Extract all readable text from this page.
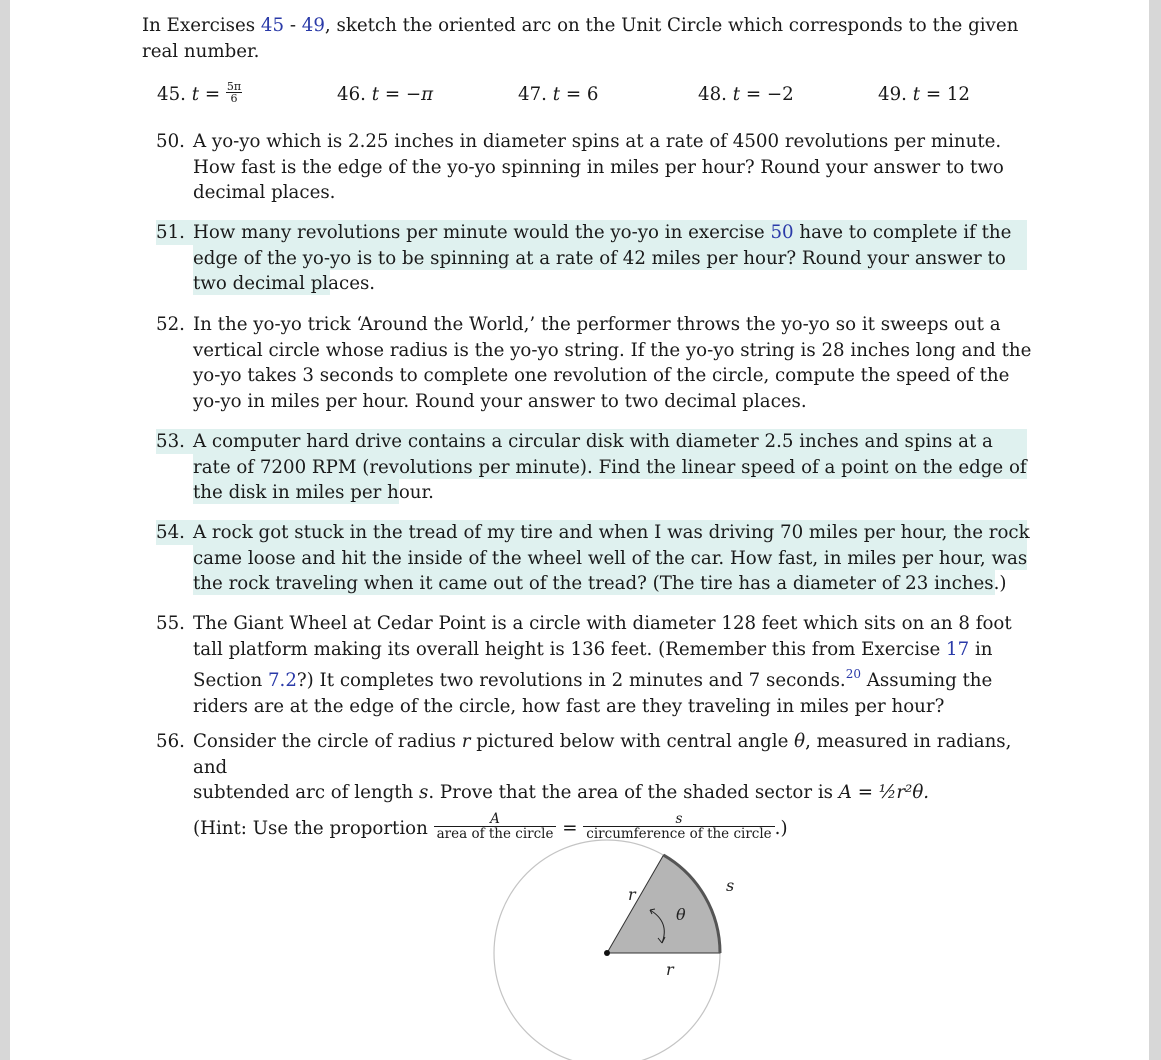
In Exercises 45 - 49, sketch the oriented arc on the Unit Circle which corresponds to the given real number.
45. $t = \frac{5\pi}{6}$	46. t = −π	47. t = 6	48. t = −2	49. t = 12
50. A yo-yo which is 2.25 inches in diameter spins at a rate of 4500 revolutions per minute. How fast is the edge of the yo-yo spinning in miles per hour? Round your answer to two decimal places.
51. How many revolutions per minute would the yo-yo in exercise 50 have to complete if the edge of the yo-yo is to be spinning at a rate of 42 miles per hour? Round your answer to two decimal places.
52. In the yo-yo trick ‘Around the World,’ the performer throws the yo-yo so it sweeps out a vertical circle whose radius is the yo-yo string. If the yo-yo string is 28 inches long and the yo-yo takes 3 seconds to complete one revolution of the circle, compute the speed of the yo-yo in miles per hour. Round your answer to two decimal places.
53. A computer hard drive contains a circular disk with diameter 2.5 inches and spins at a rate of 7200 RPM (revolutions per minute). Find the linear speed of a point on the edge of the disk in miles per hour.
54. A rock got stuck in the tread of my tire and when I was driving 70 miles per hour, the rock came loose and hit the inside of the wheel well of the car. How fast, in miles per hour, was the rock traveling when it came out of the tread? (The tire has a diameter of 23 inches.)
55. The Giant Wheel at Cedar Point is a circle with diameter 128 feet which sits on an 8 foot tall platform making its overall height is 136 feet. (Remember this from Exercise 17 in Section 7.2?) It completes two revolutions in 2 minutes and 7 seconds.$^{20}$ Assuming the riders are at the edge of the circle, how fast are they traveling in miles per hour?
56. Consider the circle of radius r pictured below with central angle θ, measured in radians, and
subtended arc of length s. Prove that the area of the shaded sector is A = ½r²θ.
(Hint: Use the proportion $\frac{A}{\text{area of the circle}} = \frac{s}{\text{circumference of the circle}}$ .)
r
θ
s
r
